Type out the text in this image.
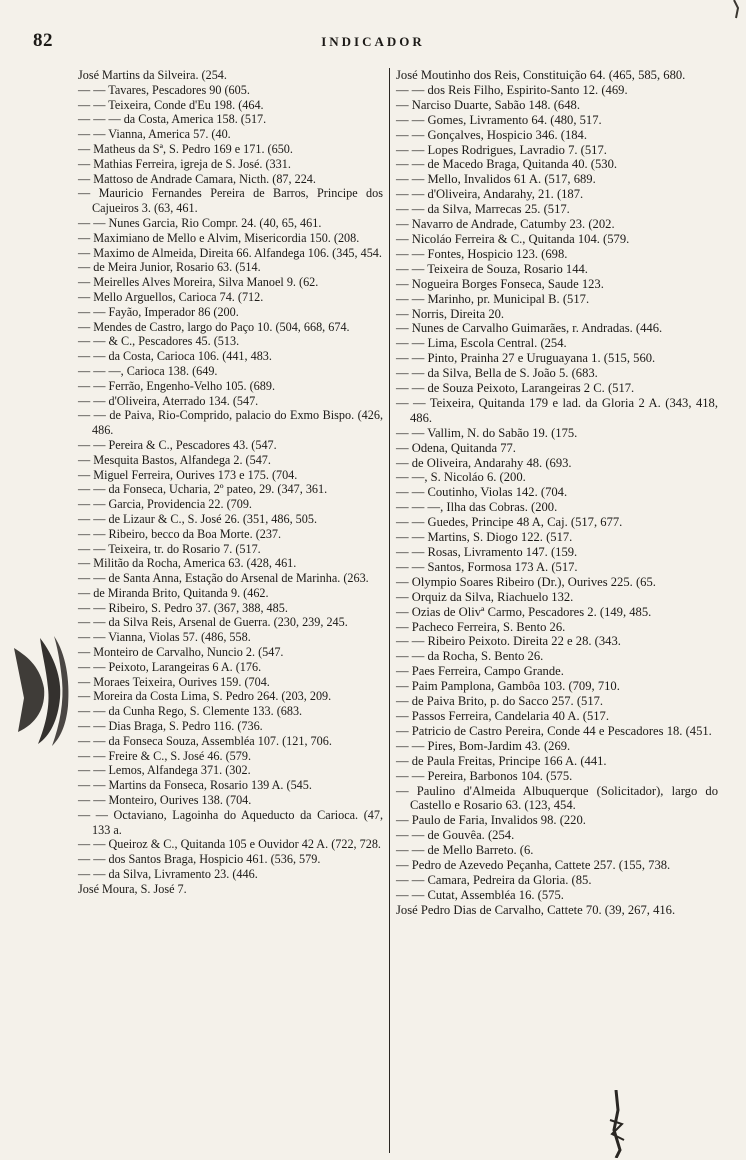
82	INDICADOR
José Martins da Silveira. (254.
— — Tavares, Pescadores 90 (605.
— — Teixeira, Conde d'Eu 198. (464.
— — — da Costa, America 158. (517.
— — Vianna, America 57. (40.
— Matheus da Sª, S. Pedro 169 e 171. (650.
— Mathias Ferreira, igreja de S. José. (331.
— Mattoso de Andrade Camara, Nicth. (87, 224.
— Mauricio Fernandes Pereira de Barros, Principe dos Cajueiros 3. (63, 461.
— — Nunes Garcia, Rio Compr. 24. (40, 65, 461.
— Maximiano de Mello e Alvim, Misericordia 150. (208.
— Maximo de Almeida, Direita 66. Alfandega 106. (345, 454.
— de Meira Junior, Rosario 63. (514.
— Meirelles Alves Moreira, Silva Manoel 9. (62.
— Mello Arguellos, Carioca 74. (712.
— — Fayão, Imperador 86 (200.
— Mendes de Castro, largo do Paço 10. (504, 668, 674.
— — & C., Pescadores 45. (513.
— — da Costa, Carioca 106. (441, 483.
— — —, Carioca 138. (649.
— — Ferrão, Engenho-Velho 105. (689.
— — d'Oliveira, Aterrado 134. (547.
— — de Paiva, Rio-Comprido, palacio do Exmo Bispo. (426, 486.
— — Pereira & C., Pescadores 43. (547.
— Mesquita Bastos, Alfandega 2. (547.
— Miguel Ferreira, Ourives 173 e 175. (704.
— — da Fonseca, Ucharia, 2º pateo, 29. (347, 361.
— — Garcia, Providencia 22. (709.
— — de Lizaur & C., S. José 26. (351, 486, 505.
— — Ribeiro, becco da Boa Morte. (237.
— — Teixeira, tr. do Rosario 7. (517.
— Militão da Rocha, America 63. (428, 461.
— — de Santa Anna, Estação do Arsenal de Marinha. (263.
— de Miranda Brito, Quitanda 9. (462.
— — Ribeiro, S. Pedro 37. (367, 388, 485.
— — da Silva Reis, Arsenal de Guerra. (230, 239, 245.
— — Vianna, Violas 57. (486, 558.
— Monteiro de Carvalho, Nuncio 2. (547.
— — Peixoto, Larangeiras 6 A. (176.
— Moraes Teixeira, Ourives 159. (704.
— Moreira da Costa Lima, S. Pedro 264. (203, 209.
— — da Cunha Rego, S. Clemente 133. (683.
— — Dias Braga, S. Pedro 116. (736.
— — da Fonseca Souza, Assembléa 107. (121, 706.
— — Freire & C., S. José 46. (579.
— — Lemos, Alfandega 371. (302.
— — Martins da Fonseca, Rosario 139 A. (545.
— — Monteiro, Ourives 138. (704.
— — Octaviano, Lagoinha do Aqueducto da Carioca. (47, 133 a.
— — Queiroz & C., Quitanda 105 e Ouvidor 42 A. (722, 728.
— — dos Santos Braga, Hospicio 461. (536, 579.
— — da Silva, Livramento 23. (446.
José Moura, S. José 7.
José Moutinho dos Reis, Constituição 64. (465, 585, 680.
— — dos Reis Filho, Espirito-Santo 12. (469.
— Narciso Duarte, Sabão 148. (648.
— — Gomes, Livramento 64. (480, 517.
— — Gonçalves, Hospicio 346. (184.
— — Lopes Rodrigues, Lavradio 7. (517.
— — de Macedo Braga, Quitanda 40. (530.
— — Mello, Invalidos 61 A. (517, 689.
— — d'Oliveira, Andarahy, 21. (187.
— — da Silva, Marrecas 25. (517.
— Navarro de Andrade, Catumby 23. (202.
— Nicoláo Ferreira & C., Quitanda 104. (579.
— — Fontes, Hospicio 123. (698.
— — Teixeira de Souza, Rosario 144.
— Nogueira Borges Fonseca, Saude 123.
— — Marinho, pr. Municipal B. (517.
— Norris, Direita 20.
— Nunes de Carvalho Guimarães, r. Andradas. (446.
— — Lima, Escola Central. (254.
— — Pinto, Prainha 27 e Uruguayana 1. (515, 560.
— — da Silva, Bella de S. João 5. (683.
— — de Souza Peixoto, Larangeiras 2 C. (517.
— — Teixeira, Quitanda 179 e lad. da Gloria 2 A. (343, 418, 486.
— — Vallim, N. do Sabão 19. (175.
— Odena, Quitanda 77.
— de Oliveira, Andarahy 48. (693.
— —, S. Nicoláo 6. (200.
— — Coutinho, Violas 142. (704.
— — —, Ilha das Cobras. (200.
— — Guedes, Principe 48 A, Caj. (517, 677.
— — Martins, S. Diogo 122. (517.
— — Rosas, Livramento 147. (159.
— — Santos, Formosa 173 A. (517.
— Olympio Soares Ribeiro (Dr.), Ourives 225. (65.
— Orquiz da Silva, Riachuelo 132.
— Ozias de Olivª Carmo, Pescadores 2. (149, 485.
— Pacheco Ferreira, S. Bento 26.
— — Ribeiro Peixoto. Direita 22 e 28. (343.
— — da Rocha, S. Bento 26.
— Paes Ferreira, Campo Grande.
— Paim Pamplona, Gambôa 103. (709, 710.
— de Paiva Brito, p. do Sacco 257. (517.
— Passos Ferreira, Candelaria 40 A. (517.
— Patricio de Castro Pereira, Conde 44 e Pescadores 18. (451.
— — Pires, Bom-Jardim 43. (269.
— de Paula Freitas, Principe 166 A. (441.
— — Pereira, Barbonos 104. (575.
— Paulino d'Almeida Albuquerque (Solicitador), largo do Castello e Rosario 63. (123, 454.
— Paulo de Faria, Invalidos 98. (220.
— — de Gouvêa. (254.
— — de Mello Barreto. (6.
— Pedro de Azevedo Peçanha, Cattete 257. (155, 738.
— — Camara, Pedreira da Gloria. (85.
— — Cutat, Assembléa 16. (575.
José Pedro Dias de Carvalho, Cattete 70. (39, 267, 416.
